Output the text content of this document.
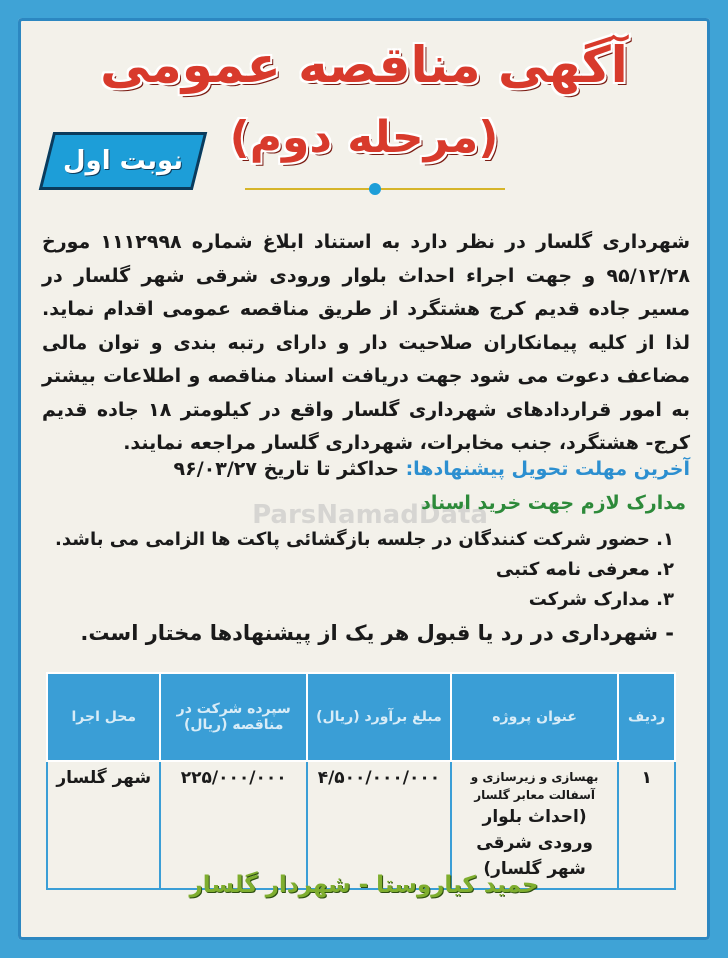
آگهی مناقصه عمومی
(مرحله دوم)
نوبت اول
شهرداری گلسار در نظر دارد به استناد ابلاغ شماره ۱۱۱۲۹۹۸ مورخ ۹۵/۱۲/۲۸ و جهت اجراء احداث بلوار ورودی شرقی شهر گلسار در مسیر جاده قدیم کرج هشتگرد از طریق مناقصه عمومی اقدام نماید. لذا از کلیه پیمانکاران صلاحیت دار و دارای رتبه بندی و توان مالی مضاعف دعوت می شود جهت دریافت اسناد مناقصه و اطلاعات بیشتر به امور قراردادهای شهرداری گلسار واقع در کیلومتر ۱۸ جاده قدیم کرج- هشتگرد، جنب مخابرات، شهرداری گلسار مراجعه نمایند.
آخرین مهلت تحویل پیشنهادها: حداکثر تا تاریخ ۹۶/۰۳/۲۷
ParsNamadData
مدارک لازم جهت خرید اسناد
۱. حضور شرکت کنندگان در جلسه بازگشائی پاکت ها الزامی می باشد.
۲. معرفی نامه کتبی
۳. مدارک شرکت
- شهرداری در رد یا قبول هر یک از پیشنهادها مختار است.
ردیف	عنوان پروژه	مبلغ برآورد (ریال)	سپرده شرکت در مناقصه (ریال)	محل اجرا
۱	بهسازی و زیرسازی و آسفالت معابر گلسار
(احداث بلوار ورودی شرقی شهر گلسار)	۴/۵۰۰/۰۰۰/۰۰۰	۲۲۵/۰۰۰/۰۰۰	شهر گلسار
حمید کیاروستا - شهردار گلسار
